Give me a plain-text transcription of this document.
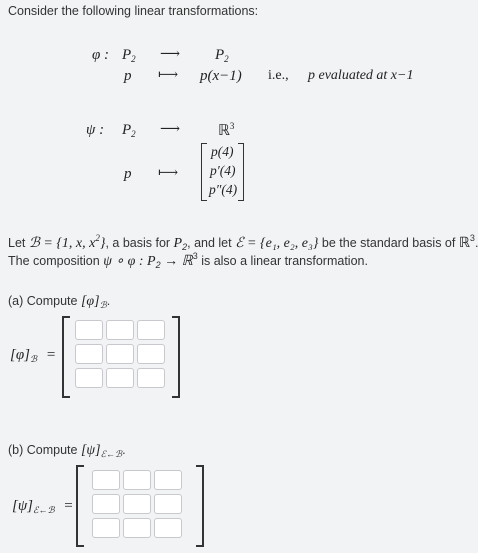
Consider the following linear transformations:
φ : $P_2$ ⟶ $P_2$
p ⟼ p(x−1) i.e., p evaluated at x−1
ψ : $P_2$ ⟶	ℝ$^3$
p ⟼
p(4)
p′(4)
p″(4)
Let ℬ = {1, x, $x^2$}, a basis for $P_2$, and let ℰ = {e₁, e₂, e₃} be the standard basis of ℝ$^3$
The composition ψ ∘ φ : $P_2$ → ℝ$^3$ is also a linear transformation.
(a) Compute $[\varphi]_ℬ$.
$[\varphi]_ℬ$ =
(b) Compute $[\psi]_{ℰ\leftarrow ℬ}$.
$[\psi]_{ℰ\leftarrow ℬ}$ =
